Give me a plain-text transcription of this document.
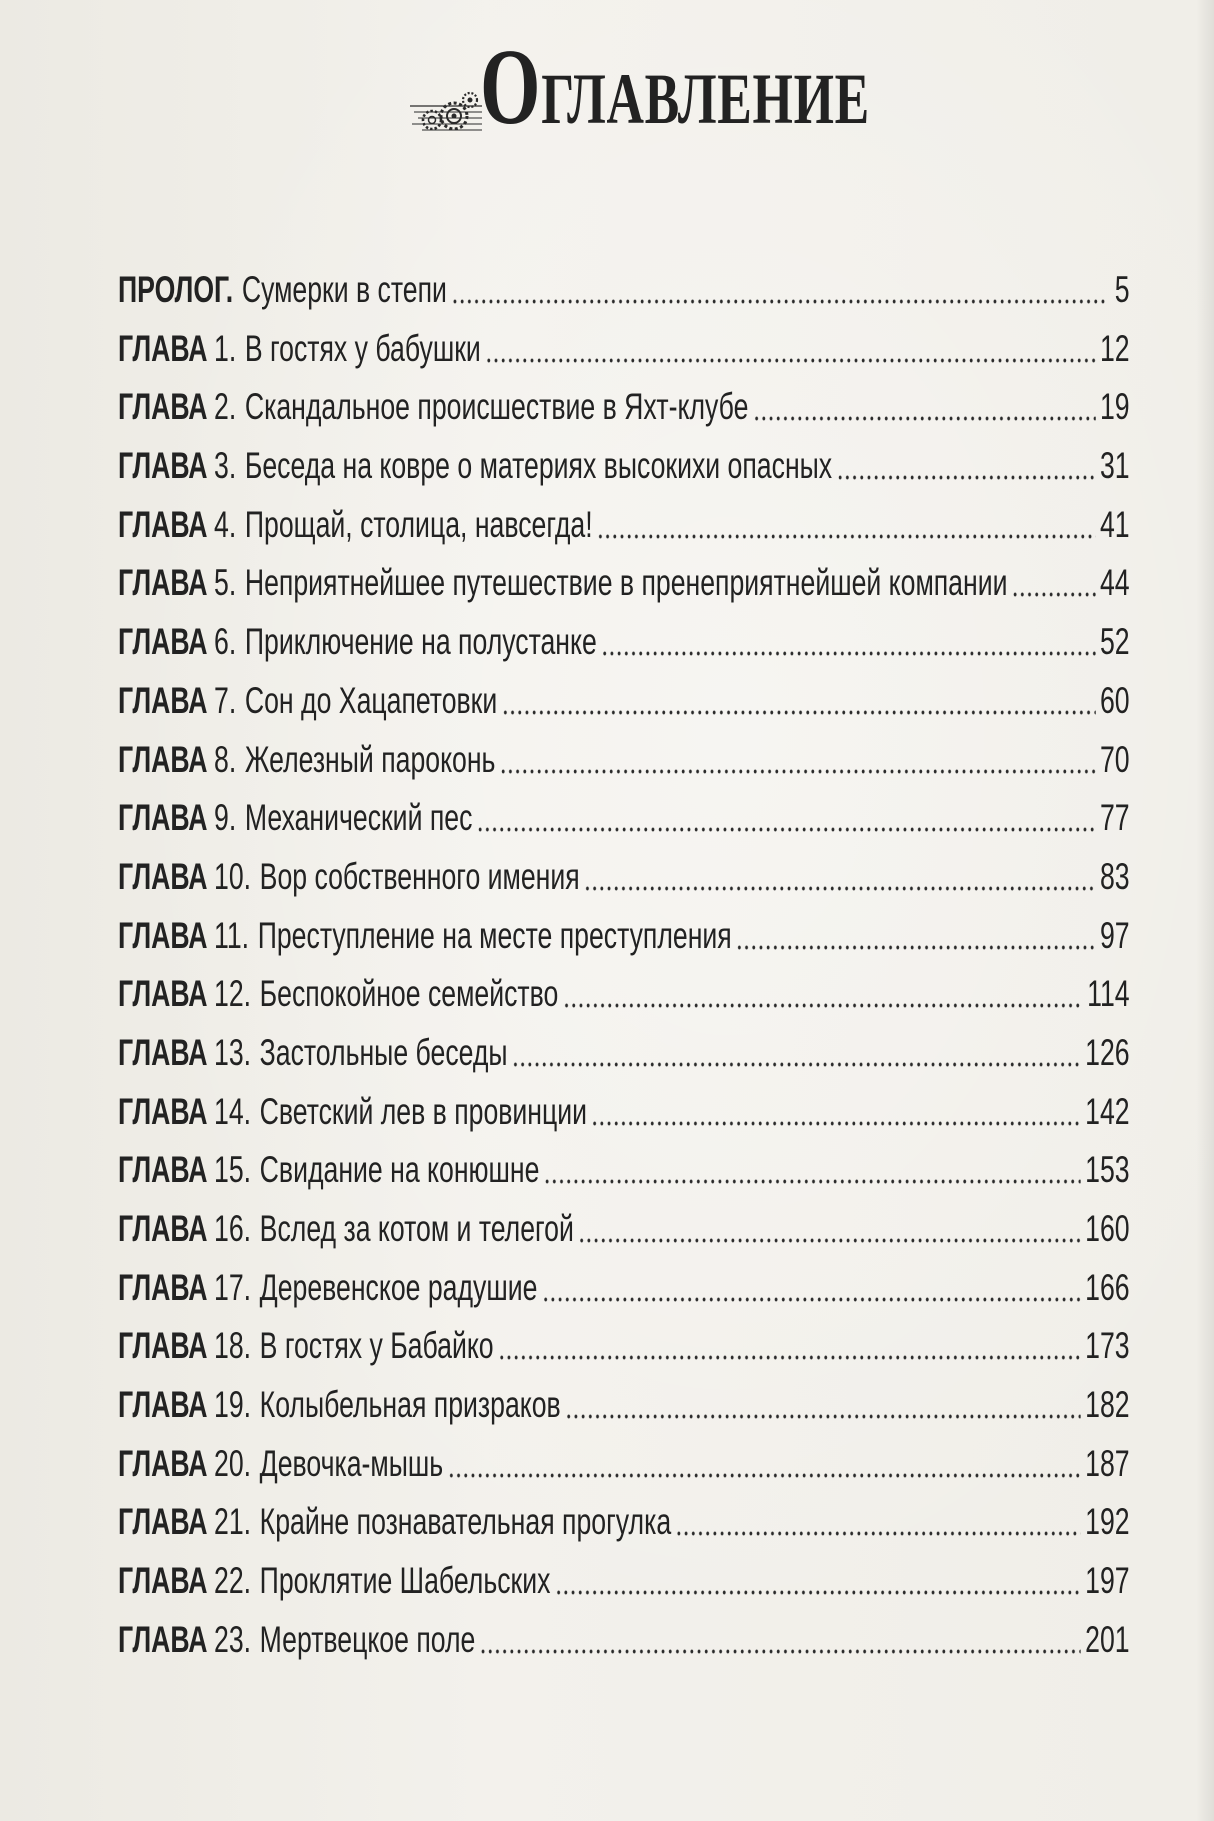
ОГЛАВЛЕНИЕ
ПРОЛОГ. Сумерки в степи	5
ГЛАВА 1. В гостях у бабушки	12
ГЛАВА 2. Скандальное происшествие в Яхт-клубе	19
ГЛАВА 3. Беседа на ковре о материях высокихи опасных	31
ГЛАВА 4. Прощай, столица, навсегда!	41
ГЛАВА 5. Неприятнейшее путешествие в пренеприятнейшей компании 44
ГЛАВА 6. Приключение на полустанке	52
ГЛАВА 7. Сон до Хацапетовки	60
ГЛАВА 8. Железный пароконь	70
ГЛАВА 9. Механический пес	77
ГЛАВА 10. Вор собственного имения	83
ГЛАВА 11. Преступление на месте преступления	97
ГЛАВА 12. Беспокойное семейство	114
ГЛАВА 13. Застольные беседы	126
ГЛАВА 14. Светский лев в провинции	142
ГЛАВА 15. Свидание на конюшне	153
ГЛАВА 16. Вслед за котом и телегой	160
ГЛАВА 17. Деревенское радушие	166
ГЛАВА 18. В гостях у Бабайко	173
ГЛАВА 19. Колыбельная призраков	182
ГЛАВА 20. Девочка-мышь	187
ГЛАВА 21. Крайне познавательная прогулка	192
ГЛАВА 22. Проклятие Шабельских	197
ГЛАВА 23. Мертвецкое поле	201
